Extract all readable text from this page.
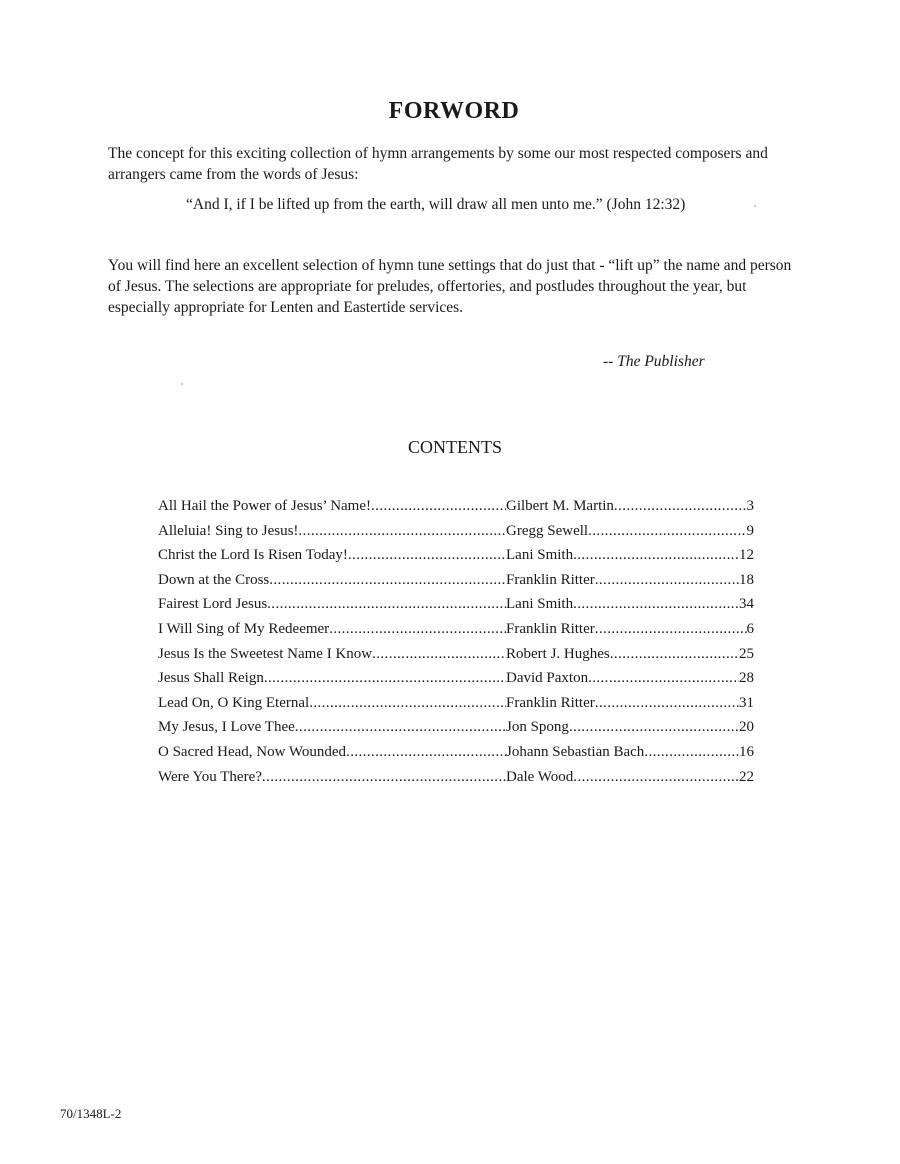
FORWORD

The concept for this exciting collection of hymn arrangements by some our most respected composers and arrangers came from the words of Jesus:

“And I, if I be lifted up from the earth, will draw all men unto me.” (John 12:32)

You will find here an excellent selection of hymn tune settings that do just that - “lift up” the name and person of Jesus. The selections are appropriate for preludes, offertories, and postludes throughout the year, but especially appropriate for Lenten and Eastertide services.

-- The Publisher

CONTENTS
All Hail the Power of Jesus’ Name! .....	Gilbert M. Martin .....	3
Alleluia! Sing to Jesus! .....	Gregg Sewell .....	9
Christ the Lord Is Risen Today! .....	Lani Smith .....	12
Down at the Cross .....	Franklin Ritter .....	18
Fairest Lord Jesus .....	Lani Smith .....	34
I Will Sing of My Redeemer .....	Franklin Ritter .....	6
Jesus Is the Sweetest Name I Know .....	Robert J. Hughes .....	25
Jesus Shall Reign .....	David Paxton .....	28
Lead On, O King Eternal .....	Franklin Ritter .....	31
My Jesus, I Love Thee .....	Jon Spong .....	20
O Sacred Head, Now Wounded .....	Johann Sebastian Bach .....	16
Were You There? .....	Dale Wood .....	22

70/1348L-2
